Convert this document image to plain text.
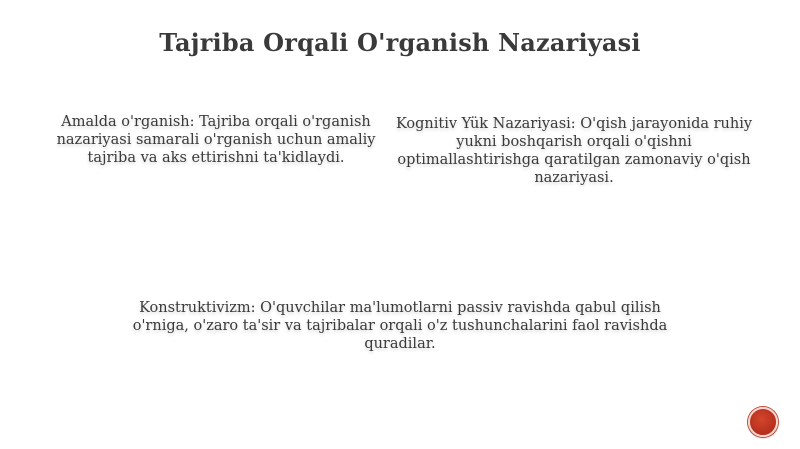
Tajriba Orqali O'rganish Nazariyasi
Amalda o'rganish: Tajriba orqali o'rganish nazariyasi samarali o'rganish uchun amaliy tajriba va aks ettirishni ta'kidlaydi.
Kognitiv Yük Nazariyasi: O'qish jarayonida ruhiy yukni boshqarish orqali o'qishni optimallashtirishga qaratilgan zamonaviy o'qish nazariyasi.
Konstruktivizm: O'quvchilar ma'lumotlarni passiv ravishda qabul qilish o'rniga, o'zaro ta'sir va tajribalar orqali o'z tushunchalarini faol ravishda quradilar.
